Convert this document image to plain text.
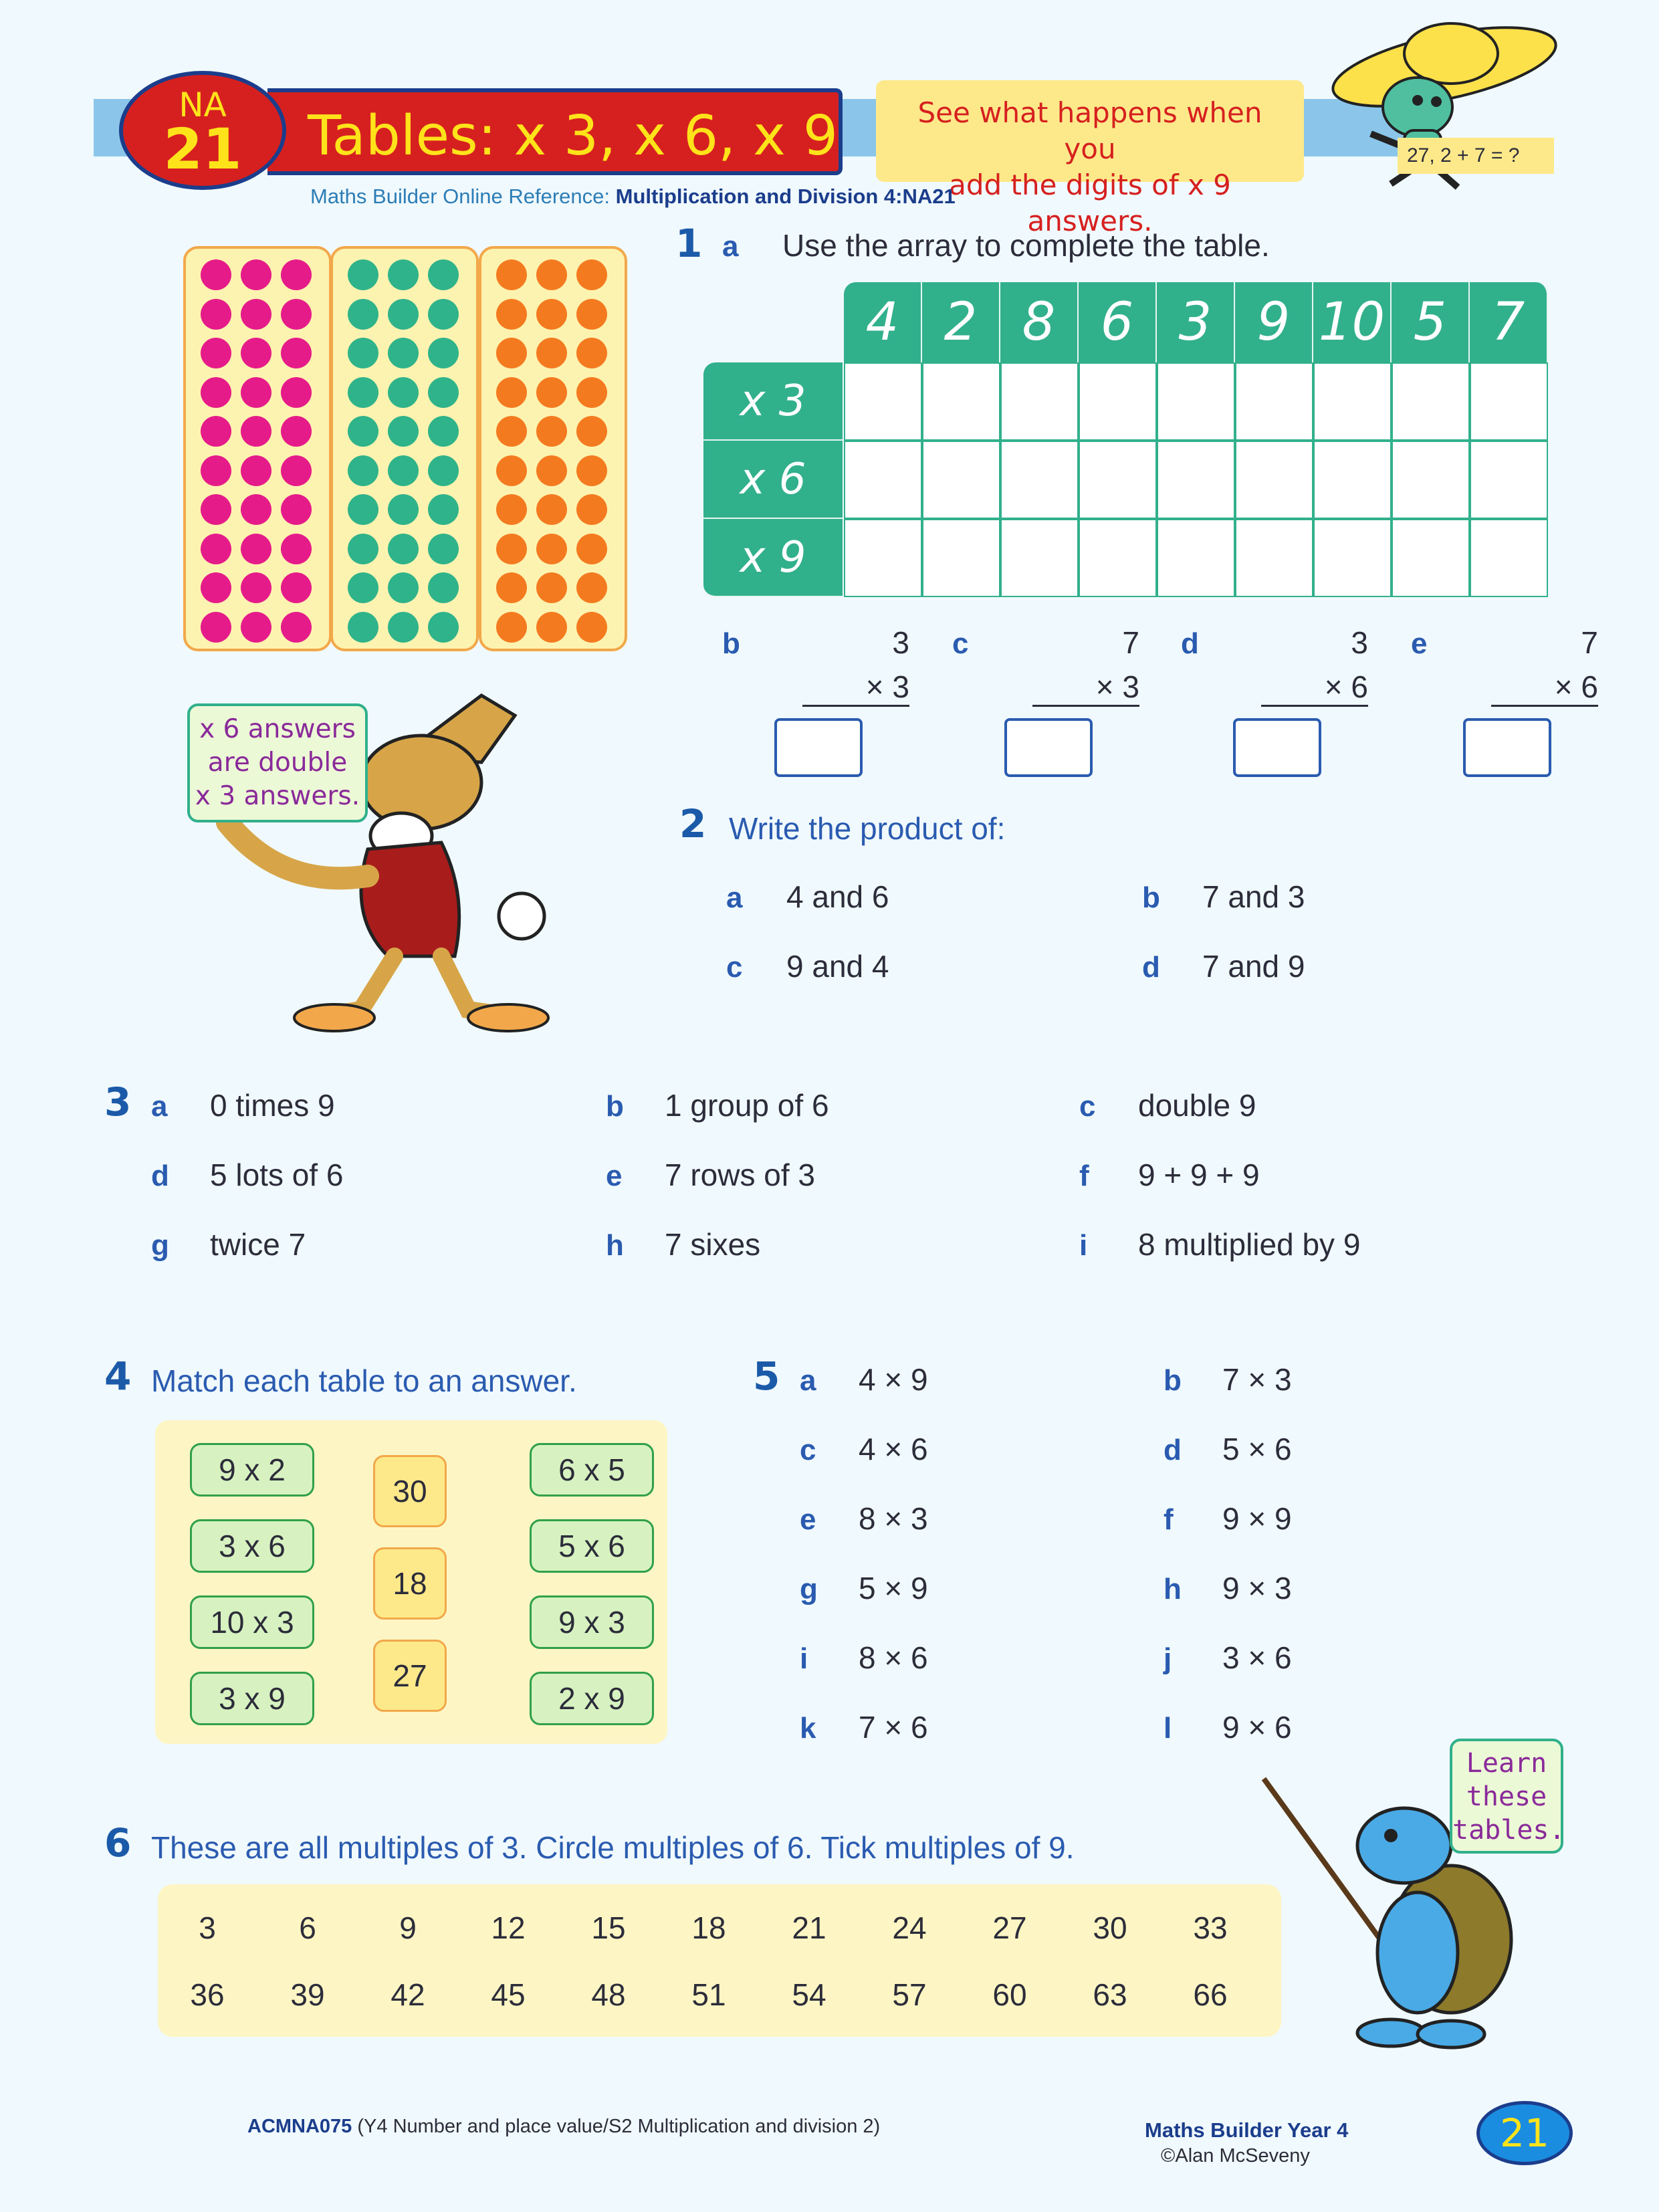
Tables: x 3, x 6, x 9
NA
21
See what happens when you
add the digits of x 9 answers.
27, 2 + 7 = ?
Maths Builder Online Reference: Multiplication and Division 4:NA21
1 a Use the array to complete the table.
4 2 8 6 3 9 10 5 7
x 3
x 6
x 9
b	3
× 3
c	7
× 3
d	3
× 6
e	7
× 6
x 6 answers
are double
x 3 answers.
2 Write the product of:
a 4 and 6	b 7 and 3
c 9 and 4	d 7 and 9
3 a 0 times 9	b 1 group of 6	c double 9
d 5 lots of 6	e 7 rows of 3	f 9 + 9 + 9
g twice 7	h 7 sixes	i 8 multiplied by 9
4 Match each table to an answer.
9 x 2
3 x 6
10 x 3
3 x 9
30
18
27
6 x 5
5 x 6
9 x 3
2 x 9
5 a 4 × 9	b 7 × 3
c 4 × 6	d 5 × 6
e 8 × 3	f 9 × 9
g 5 × 9	h 9 × 3
i 8 × 6	j 3 × 6
k 7 × 6	l 9 × 6
Learn
these
tables.
6 These are all multiples of 3. Circle multiples of 6. Tick multiples of 9.
3	6	9	12	15	18	21	24	27	30	33
36	39	42	45	48	51	54	57	60	63	66
ACMNA075 (Y4 Number and place value/S2 Multiplication and division 2)	Maths Builder Year 4
©Alan McSeveny	21
